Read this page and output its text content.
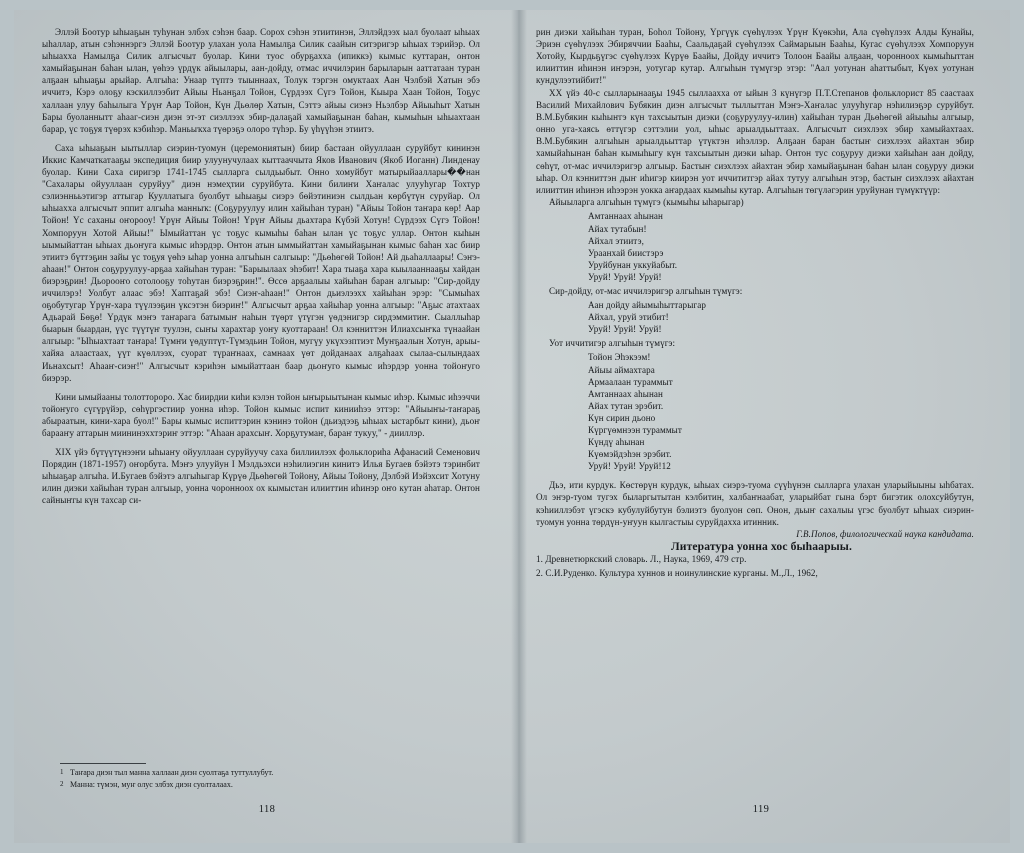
Эллэй Боотур ыһыаҕын туһунан элбэх сэһэн баар. Сорох сэһэн этиитинэн, Эллэйдээх ыал буолаат ыһыах ыһаллар, атын сэһэннэргэ Эллэй Боотур улахан уола Намылҕа Силик саайын ситэригэр ыһыах тэрийэр. Ол ыһыахха Намылҕа Силик алгысчыт буолар. Кини туос обурҕахха (ипиккэ) кымыс куттаран, онтон хамыйаҕынан баһан ылан, үөһээ үрдүк айыылары, аан-дойду, отмас иччилэрин барыларын ааттатаан туран алҕаан ыһыаҕы арыйар. Алгыһа: Унаар түптэ тыыннаах, Толук тэргэн омуктаах Аан Чэлбэй Хатын эбэ иччитэ, Кэрэ олоҕу кэскиллээбит Айыы Ньанҕал Тойон, Сүрдээх Сүгэ Тойон, Кыыра Хаан Тойон, Тоҕус халлаан улуу баһылыга Үрүҥ Аар Тойон, Күн Дьөлөр Хатын, Сэттэ айыы сиэнэ Ньэлбэр Айыыһыт Хатын Бары буоланнытт аһааг-сиэн диэн эт-эт сиэллээх эбир-далаҕай хамыйаҕынан баһан, кымыһын ыһыахтаан барар, үс тоҕуя түөрэх кэбиһэр. Маньыҡха түөрэҕэ олоро түһэр. Бу үһүүһэн этиитэ.

Саха ыһыаҕын ыытыллар сиэрин-туомун (церемониятын) биир бастаан ойууллаан суруйбут кининэн Иккис Камчаткатааҕы экспедиция биир улуунучулаах кыттааччыта Яков Иванович (Якоб Иоганн) Линденау буолар. Кини Саха сиригэр 1741-1745 сылларга сылдьыбыт. Онно хомуйбут матырыйааллары��нан "Сахалары ойууллаан суруйуу" диэн нэмеҳтии суруйбута. Кини билиҥи Хаҥалас улууһугар Тохтур сэлиэннььэтигэр аттыгар Кууллатыга буолбут ыһыаҕы сиэрэ бөйэтиниэн сылдьан көрбүтүн суруйар. Ол ыһыахха алгысчыт эппит алгыһа манныҡ: (Соҕуруулуу илин хайыһан туран) "Айыы Тойон таҥара көр! Аар Тойон! Үс саханы оҥорооу! Үрүҥ Айыы Тойон! Үрүҥ Айыы дьахтара Күбэй Хотун! Сүрдээх Сүгэ Тойон! Хомпоруун Хотой Айыы!" Ымыйаттан үс тоҕус кымыһы баһан ылан үс тоҕус уллар. Онтон кыһын ыымыйаттан ыһыах дьоҥуга кымыс иһэрдэр. Онтон атын ыммыйаттан хамыйаҕынан кымыс баһан хас биир этиитэ бүттэҕин зайы үс тоҕуя үөһэ ыһар уонна алгыһын салгыыр: "Дьөһөгөй Тойон! Ай дьаһаллаары! Сэҥэ-аһаан!" Онтон соҕуруулуу-арҕаа хайыһан туран: "Барыылаах эһэбит! Хара тыаҕа хара кыылааннааҕы хайдан биэрэҕрин! Дьорооҥо сотолооҕу тоһутан биэрэҕрин!". Өссө арҕаалыы хайыһан баран алгыыр: "Сир-дойду иччилэрэ! Уолбут алаас эбэ! Хаптаҕай эбэ! Сиэҥ-аһаан!" Онтон дьиэлээхх хайыһан эрэр: "Сымыһах оҕобутугар Үрүҥ-хара түүлээҕин үксэтэн биэриҥ!" Алгысчыт арҕаа хайыһар уонна алгыыр: "Аҕыс атахтаах Адьарай Бөҕө! Үрдүк мэҥэ таҥарага батымыҥ наһын түөрт үтүгэн үөдэнигэр сирдэммитиҥ. Сыаллыһар быарын быардан, үүс түүтүҥ туулэн, сыҥы харахтар уоҥу куоттараан! Ол кэнниттэн Илиахсыҥҡа түнаайан алгыыр: "Ыһыахтаат таҥара! Түмҥи үөдуптүт-Түмэдьин Тойон, мугүу укүхэзптиэт Муҥҕаалын Хотун, арыы-хайяа алаастаах, үүт күөллээх, суорат түраҥнаах, самнаах үөт дойданаах алҕаһаах сылаа-сылындаах Иьнахсыт! Аһааҥ-сиэҥ!" Алгысчыт кэриһэн ымыйаттаан баар дьоҥуго кымыс иһэрдэр уонна тойоҥуго биэрэр.

Кини ымыйааны толоттороро. Хас биирдии киһи кэлэн тойон ыҥырыытынан кымыс иһэр. Кымыс иһээччи тойоҥуго сүгүрүйэр, сөһүргэстиир уонна иһэр. Тойон кымыс испит кинииһээ эттэр: "Айыыҥы-таҥараҕ абыраатын, кини-хара буол!" Бары кымыс испиттэрин кэнинэ тойон (дьиэдээҕ ыһыах ыстарбыт кини), дьоҥ барааҥу аттарын миининэххтэриҥ эттэр: "Аһаан арахсыҥ. Хорҕутумаҥ, бараҥ тукуу," - дииллэр.

XIX үйэ бүтүүтүнээҥи ыһыаҥу ойууллаан суруйуучу саха биллиилээх фольклориһа Афанасий Семенович Порядин (1871-1957) оҥорбута. Мэҥэ улууйун I Мэлдьэхси нэһилиэгин кинитэ Илья Бугаев бэйэтэ тэринбит ыһыаҕар алгыһа. И.Бугаев бэйэтэ алгыһыгар Күрүө Дьөһөгөй Тойону, Айыы Тойону, Дэлбэй Иэйэхсит Хотуну илин диэки хайыһан туран алгыыр, уонна чоронноох ох кымыстан илииттин иһинэр оҥо кутан аһатар. Онтон сайныҥгы күн тахсар си-

1 Таҥара диэн тыл манна халлаан диэн суолтаҕа туттуллубут.
2 Манна: түмэн, муҥ олус элбэх диэн суолталаах.
118

рин диэки хайыһан туран, Боһол Тойону, Үргүүк сүөһүлээх Үрүҥ Күөкэһи, Ала сүөһүлээх Алды Кунайы, Эриэн сүөһүлээх Эбиряччии Бааһы, Саальдаҕай сүөһүлээх Саймарыын Бааһы, Кугас сүөһүлээх Хомпоруун Хотойу, Кырдьҕүгэс сүөһүлээх Күрүө Баайы, Дойду иччитэ Толоон Баайы алҕаан, чоронноох кымыһыттан илииттин иһинэн иҥэрэн, уотугар кутар. Алгыһын түмүгэр этэр: "Аал уотунан аһаттыбыт, Күөх уотунан кундулээтийбит!"

XX үйэ 40-с сылларынааҕы 1945 сыллаахха от ыйын 3 күнүгэр П.Т.Степанов фольклорист 85 саастаах Василий Михайлович Бубякин диэн алгысчыт тыллыттан Мэҥэ-Хаҥалас улууһугар нэһилиэҕэр суруйбут. В.М.Бубякин кыһыҥгэ күн тахсыытын диэки (соҕуруулуу-илин) хайыһан туран Дьөһөгөй айыыһы алгыыр, онно уга-хаясь өттүгэр сэттэлии уол, ыһыс арыалдьыттаах. Алгысчыт сиэхлээх эбир хамыйахтаах. В.М.Бубякин алгыһын арыалдьыттар үтүктэн иһэллэр. Алҕаан баран бастыҥ сиэхлээх айахтан эбир хамыйаһынан баһан кымыһыгу күн тахсыытын диэки ыһар. Онтон тус соҕуруу диэки хайыһан аан дойду, сөһүт, от-мас иччилэригэр алгыыр. Бастыҥ сиэхлээх айахтан эбир хамыйаҕынан баһан ылан соҕуруу диэки ыһар. Ол кэнниттэн дыҥ иһигэр киирэн уот иччититгэр айах тутуу алгыһын этэр, бастыҥ сиэхлээх айахтан илииттин иһинэн иһээрэн уокка аҥардаах кымыһы кутар. Алгыһын төгүләгэрин уруйунан түмүктүүр:

Айыыларга алгыһын түмүгэ (кымыһы ыһарыгар)

Амтаннаах аһынан
Айах тутабын!
Айхал этиитэ,
Ураанхай биистэрэ
Уруйбунан уккуйабыт.
Уруй! Уруй! Уруй!

Сир-дойду, от-мас иччилэригэр алгыһын түмүгэ:

Аан дойду айымыһыттарыгар
Айхал, уруй этибит!
Уруй! Уруй! Уруй!

Уот иччитигэр алгыһын түмүгэ:

Тойон Эһэкээм!
Айыы аймахтара
Армаалаан тураммыт
Амтаннаах аһынан
Айах тутан эрэбит.
Күн сирин дьоно
Күргүөмнээн тураммыт
Күндү аһынан
Күөмэйдэһэн эрэбит.
Уруй! Уруй! Уруй!12

Дьэ, ити курдук. Көстөрүн курдук, ыһыах сиэрэ-туома сүүһүнэн сылларга улахан уларыйыыны ыһбатах. Ол эҥэр-туом тугэх быларгытытан кэлбитин, халбаҥнаабат, уларыйбат гына бэрт бигэтик олохсуйбутун, кэһииллэбэт үгэскэ кубулуйбутун бэлиэтэ буолуон сөп. Онон, дьыҥ сахалыы үгэс буолбут ыһыах сиэрин-туомун уонна төрдүн-уҥуун кылгастыы суруйдахха итинник.

Г.В.Попов, филологическай наука кандидата.

Литература уонна хос быһаарыы.

1. Древнетюркский словарь. Л., Наука, 1969, 479 стр.
2. С.И.Руденко. Культура хуннов и ноинулинские курганы. М.,Л., 1962,
119
